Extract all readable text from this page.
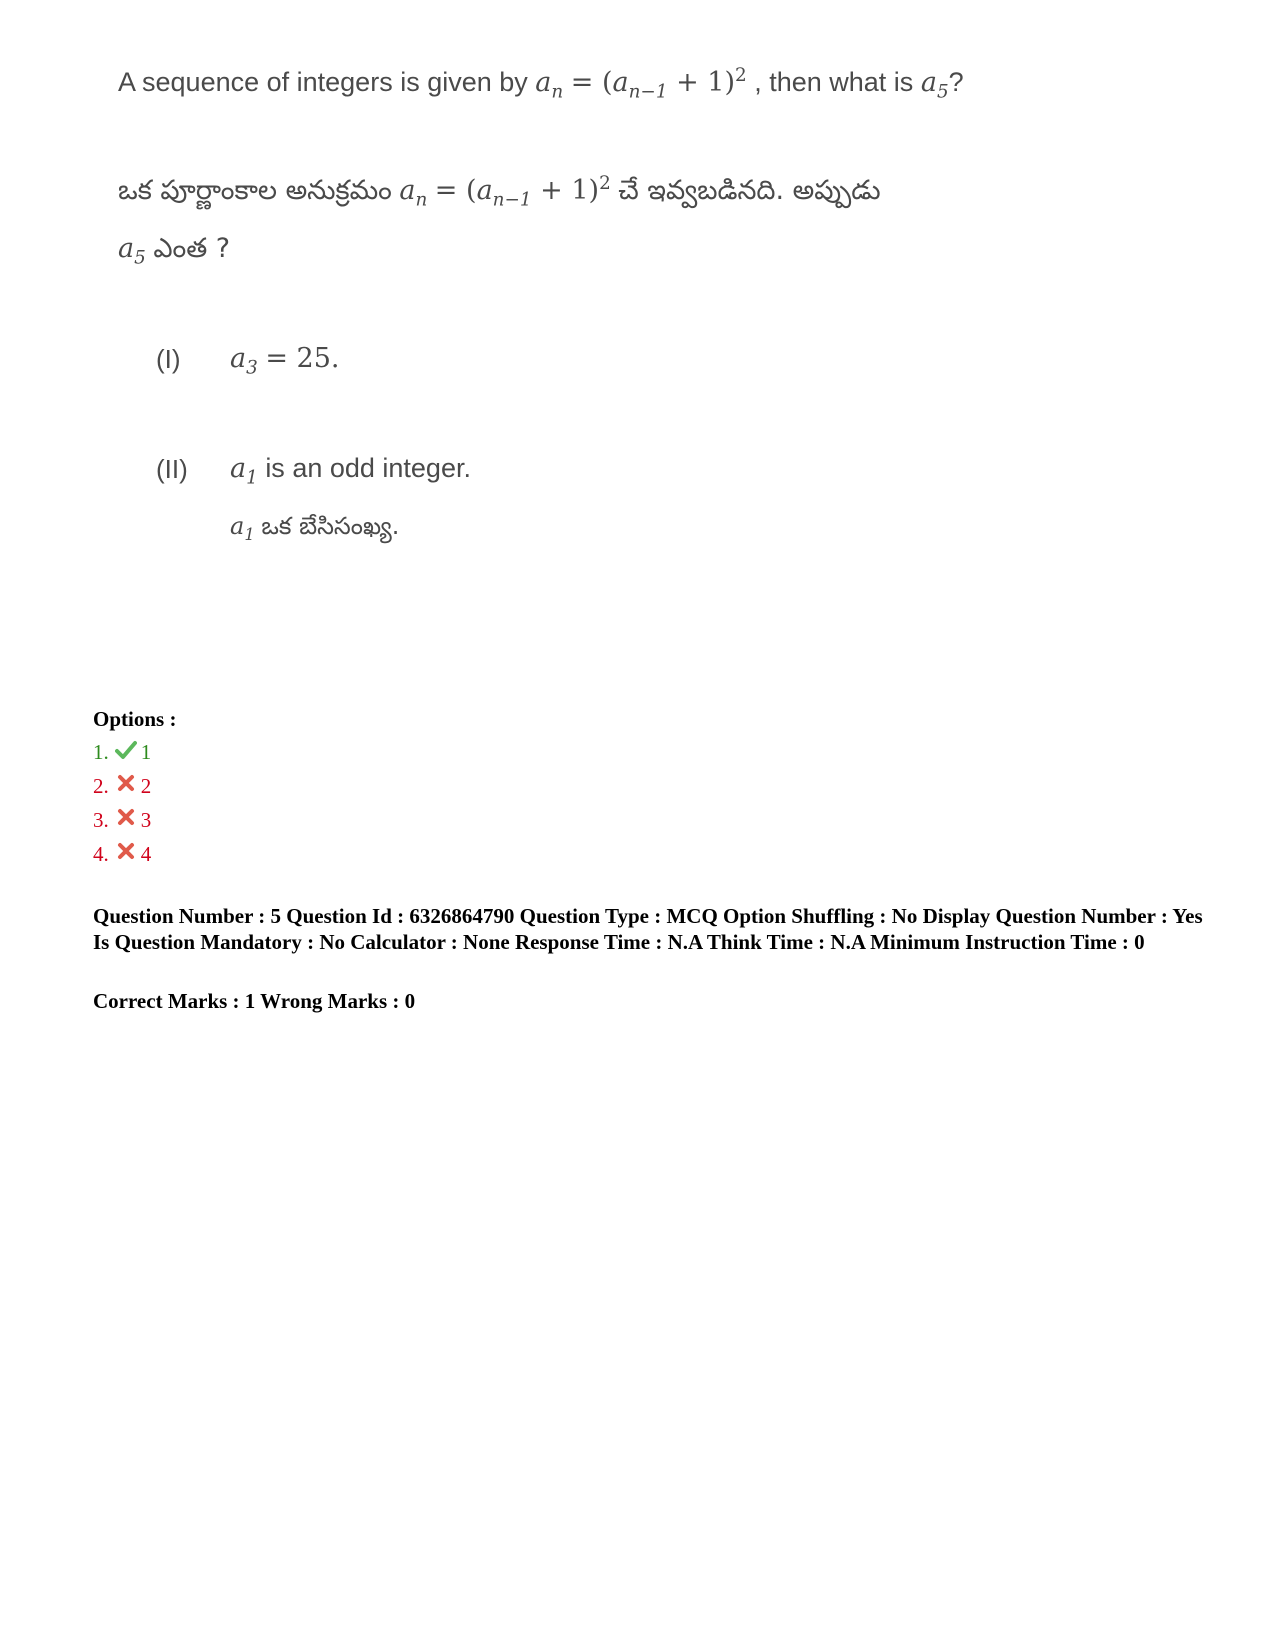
A sequence of integers is given by $a_n = (a_{n-1} + 1)^2$ , then what is $a_5$?
ఒక పూర్ణాంకాల అనుక్రమం $a_n = (a_{n-1} + 1)^2$ చే ఇవ్వబడినది. అప్పుడు
$a_5$ ఎంత ?
(I) $a_3 = 25$.
(II) $a_1$ is an odd integer.
$a_1$ ఒక బేసిసంఖ్య.
Options :
1. 1
2. 2
3. 3
4. 4
Question Number : 5 Question Id : 6326864790 Question Type : MCQ Option Shuffling : No Display Question Number : Yes Is Question Mandatory : No Calculator : None Response Time : N.A Think Time : N.A Minimum Instruction Time : 0
Correct Marks : 1 Wrong Marks : 0
